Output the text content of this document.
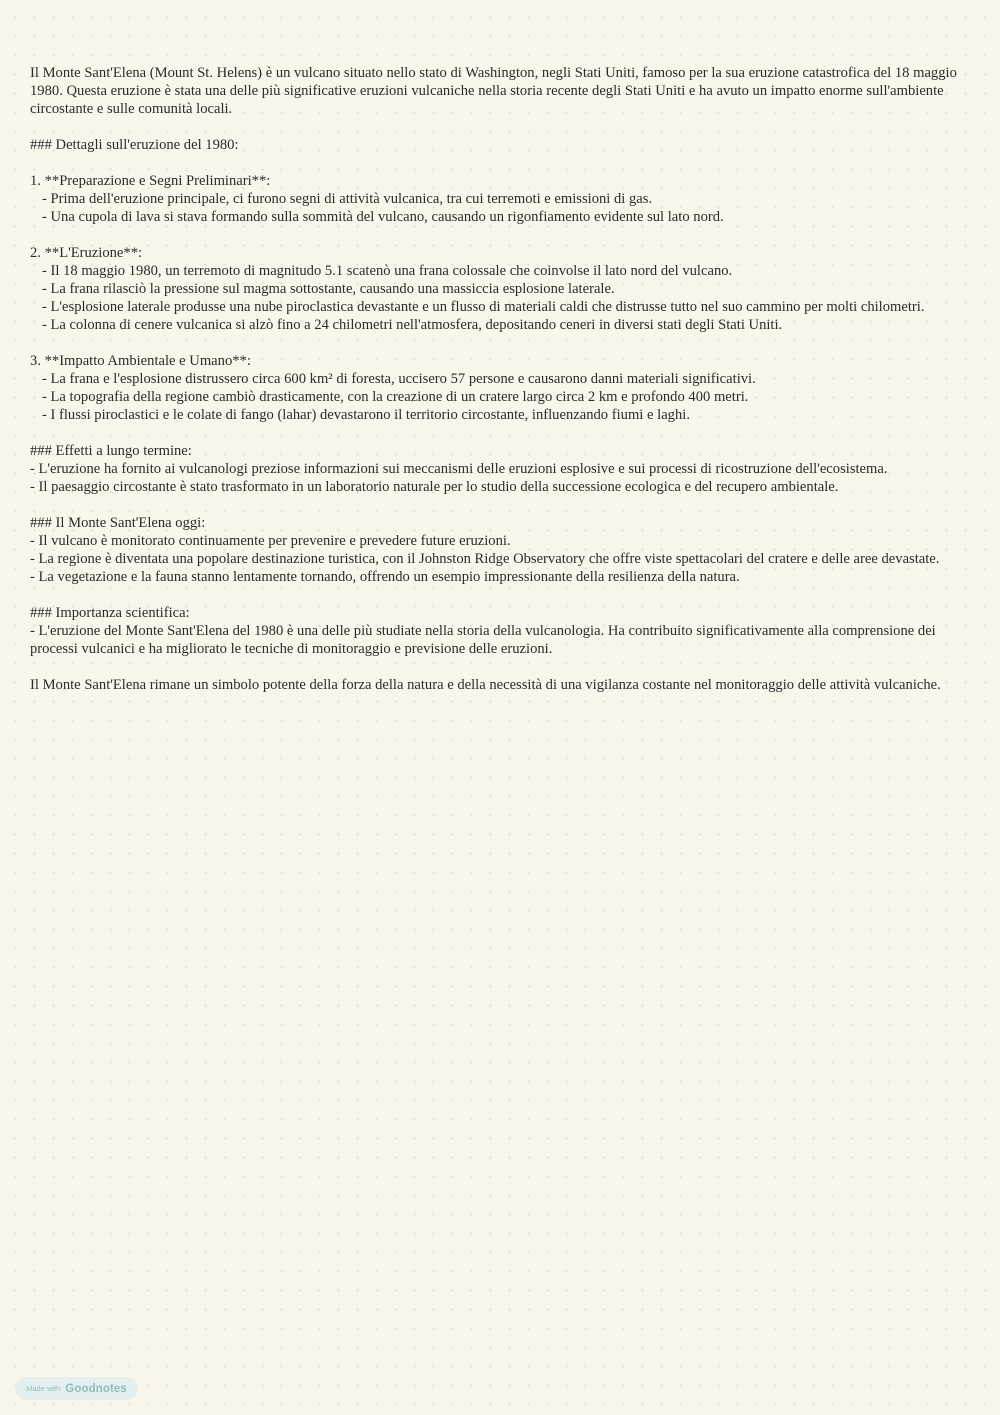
Il Monte Sant'Elena (Mount St. Helens) è un vulcano situato nello stato di Washington, negli Stati Uniti, famoso per la sua eruzione catastrofica del 18 maggio 1980. Questa eruzione è stata una delle più significative eruzioni vulcaniche nella storia recente degli Stati Uniti e ha avuto un impatto enorme sull'ambiente circostante e sulle comunità locali.

### Dettagli sull'eruzione del 1980:

1. **Preparazione e Segni Preliminari**:

- Prima dell'eruzione principale, ci furono segni di attività vulcanica, tra cui terremoti e emissioni di gas.

- Una cupola di lava si stava formando sulla sommità del vulcano, causando un rigonfiamento evidente sul lato nord.

2. **L'Eruzione**:

- Il 18 maggio 1980, un terremoto di magnitudo 5.1 scatenò una frana colossale che coinvolse il lato nord del vulcano.

- La frana rilasciò la pressione sul magma sottostante, causando una massiccia esplosione laterale.

- L'esplosione laterale produsse una nube piroclastica devastante e un flusso di materiali caldi che distrusse tutto nel suo cammino per molti chilometri.

- La colonna di cenere vulcanica si alzò fino a 24 chilometri nell'atmosfera, depositando ceneri in diversi stati degli Stati Uniti.

3. **Impatto Ambientale e Umano**:

- La frana e l'esplosione distrussero circa 600 km² di foresta, uccisero 57 persone e causarono danni materiali significativi.

- La topografia della regione cambiò drasticamente, con la creazione di un cratere largo circa 2 km e profondo 400 metri.

- I flussi piroclastici e le colate di fango (lahar) devastarono il territorio circostante, influenzando fiumi e laghi.

### Effetti a lungo termine:

- L'eruzione ha fornito ai vulcanologi preziose informazioni sui meccanismi delle eruzioni esplosive e sui processi di ricostruzione dell'ecosistema.

- Il paesaggio circostante è stato trasformato in un laboratorio naturale per lo studio della successione ecologica e del recupero ambientale.

### Il Monte Sant'Elena oggi:

- Il vulcano è monitorato continuamente per prevenire e prevedere future eruzioni.

- La regione è diventata una popolare destinazione turistica, con il Johnston Ridge Observatory che offre viste spettacolari del cratere e delle aree devastate.

- La vegetazione e la fauna stanno lentamente tornando, offrendo un esempio impressionante della resilienza della natura.

### Importanza scientifica:

- L'eruzione del Monte Sant'Elena del 1980 è una delle più studiate nella storia della vulcanologia. Ha contribuito significativamente alla comprensione dei processi vulcanici e ha migliorato le tecniche di monitoraggio e previsione delle eruzioni.

Il Monte Sant'Elena rimane un simbolo potente della forza della natura e della necessità di una vigilanza costante nel monitoraggio delle attività vulcaniche.

Made with Goodnotes
